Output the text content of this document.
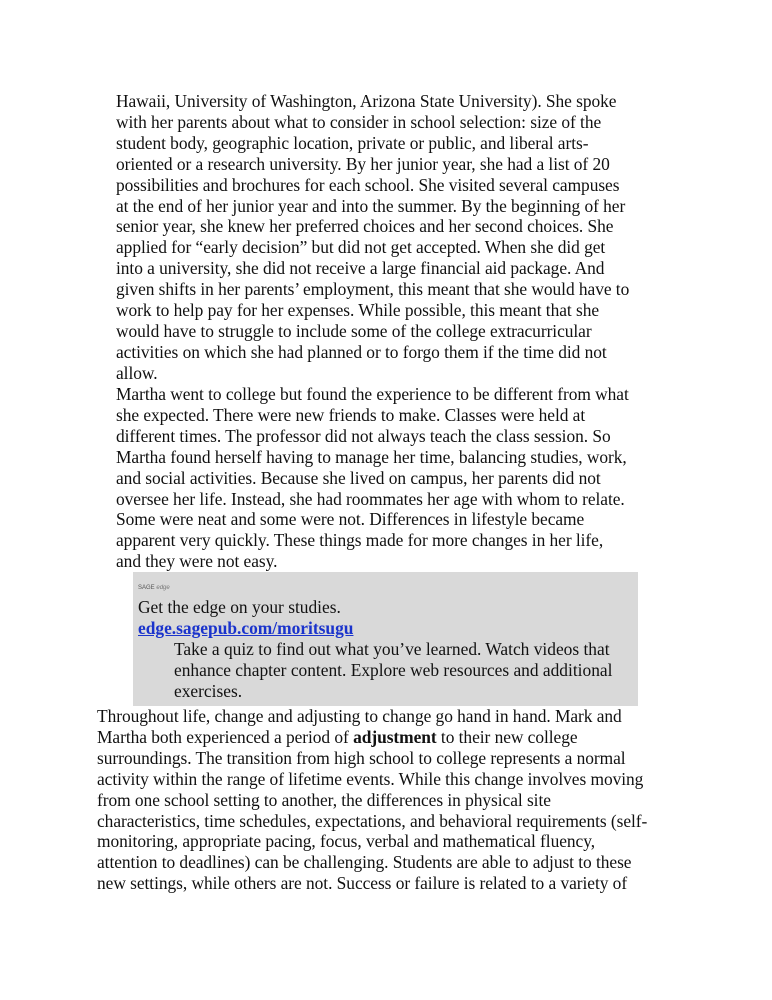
Hawaii, University of Washington, Arizona State University). She spoke
with her parents about what to consider in school selection: size of the
student body, geographic location, private or public, and liberal arts-
oriented or a research university. By her junior year, she had a list of 20
possibilities and brochures for each school. She visited several campuses
at the end of her junior year and into the summer. By the beginning of her
senior year, she knew her preferred choices and her second choices. She
applied for “early decision” but did not get accepted. When she did get
into a university, she did not receive a large financial aid package. And
given shifts in her parents’ employment, this meant that she would have to
work to help pay for her expenses. While possible, this meant that she
would have to struggle to include some of the college extracurricular
activities on which she had planned or to forgo them if the time did not
allow.

Martha went to college but found the experience to be different from what
she expected. There were new friends to make. Classes were held at
different times. The professor did not always teach the class session. So
Martha found herself having to manage her time, balancing studies, work,
and social activities. Because she lived on campus, her parents did not
oversee her life. Instead, she had roommates her age with whom to relate.
Some were neat and some were not. Differences in lifestyle became
apparent very quickly. These things made for more changes in her life,
and they were not easy.

SAGE edge
Get the edge on your studies.
edge.sagepub.com/moritsugu

Take a quiz to find out what you’ve learned. Watch videos that
enhance chapter content. Explore web resources and additional
exercises.

Throughout life, change and adjusting to change go hand in hand. Mark and
Martha both experienced a period of adjustment to their new college
surroundings. The transition from high school to college represents a normal
activity within the range of lifetime events. While this change involves moving
from one school setting to another, the differences in physical site
characteristics, time schedules, expectations, and behavioral requirements (self-
monitoring, appropriate pacing, focus, verbal and mathematical fluency,
attention to deadlines) can be challenging. Students are able to adjust to these
new settings, while others are not. Success or failure is related to a variety of
